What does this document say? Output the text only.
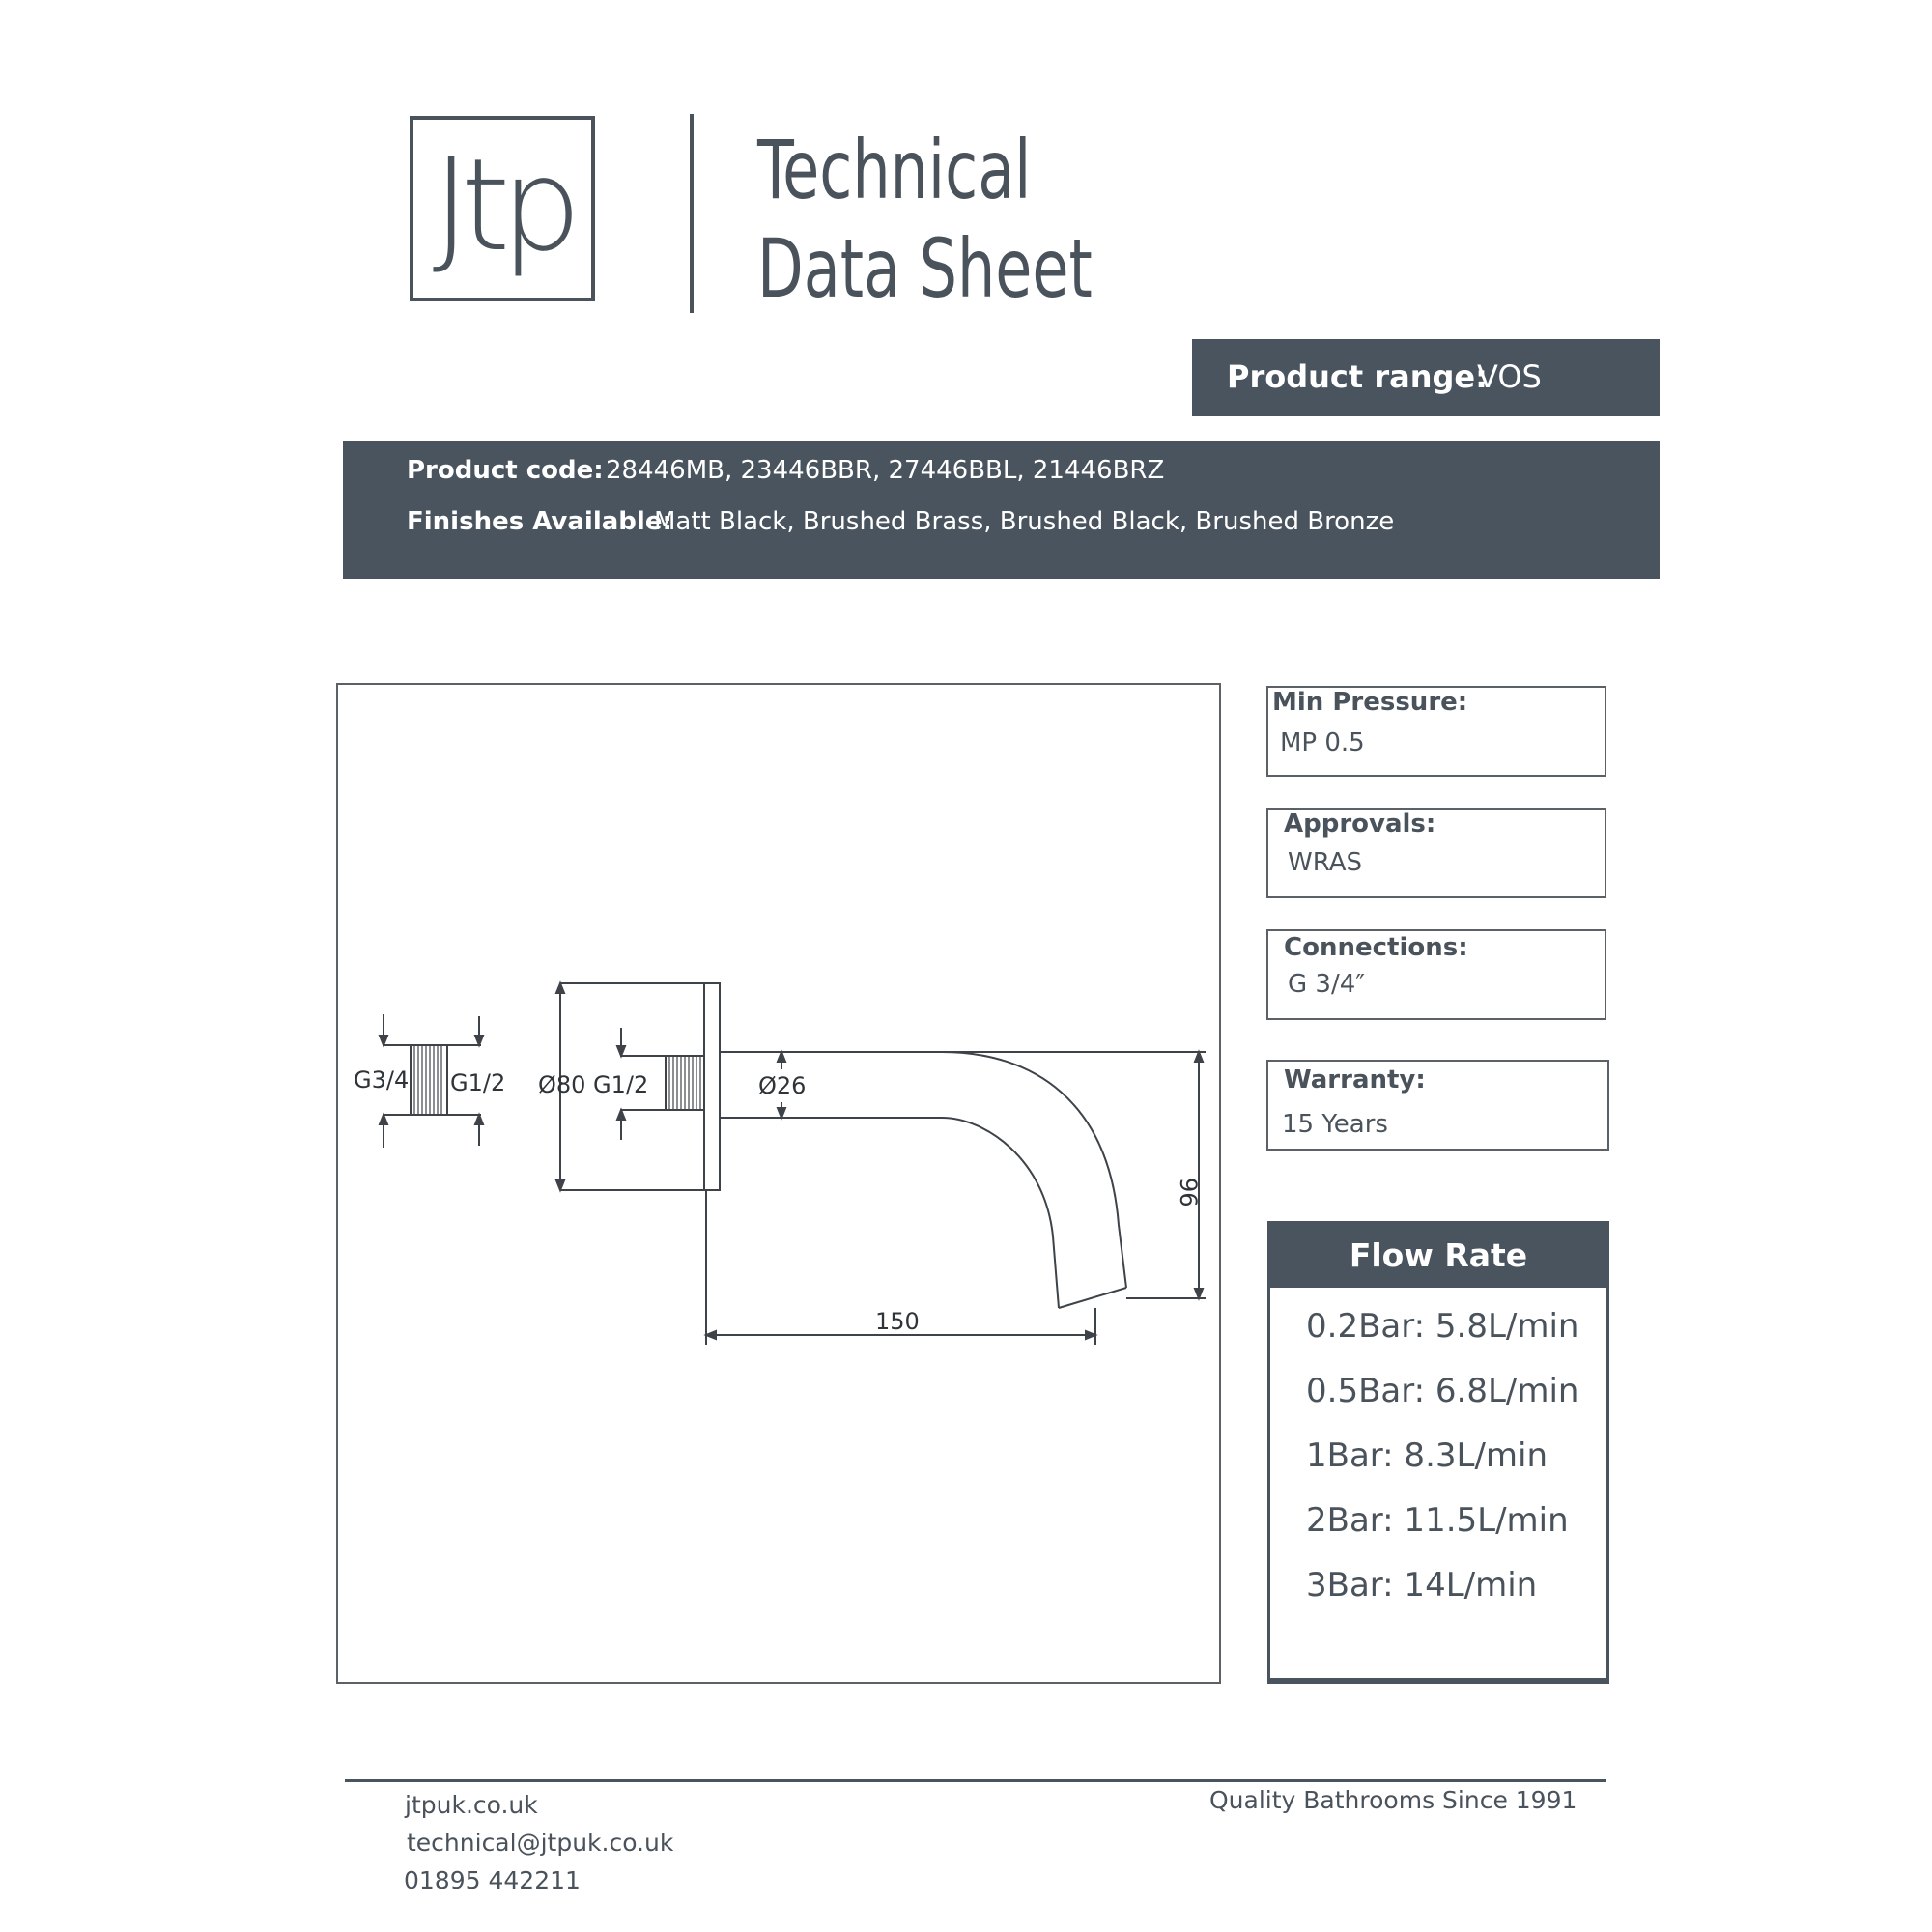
Jtp Technical
Data Sheet
Product range:
VOS
Product code: 28446MB, 23446BBR, 27446BBL, 21446BRZ
Finishes Available:
Matt Black, Brushed Brass, Brushed Black, Brushed Bronze
G3/4 G1/2 Ø80 G1/2	Ø26
96
150
Min Pressure:
MP 0.5
Approvals:
WRAS
Connections:
G 3/4″
Warranty:
15 Years
Flow Rate
0.2Bar: 5.8L/min
0.5Bar: 6.8L/min
1Bar: 8.3L/min
2Bar: 11.5L/min
3Bar: 14L/min
jtpuk.co.uk
technical@jtpuk.co.uk
01895 442211
Quality Bathrooms Since 1991
